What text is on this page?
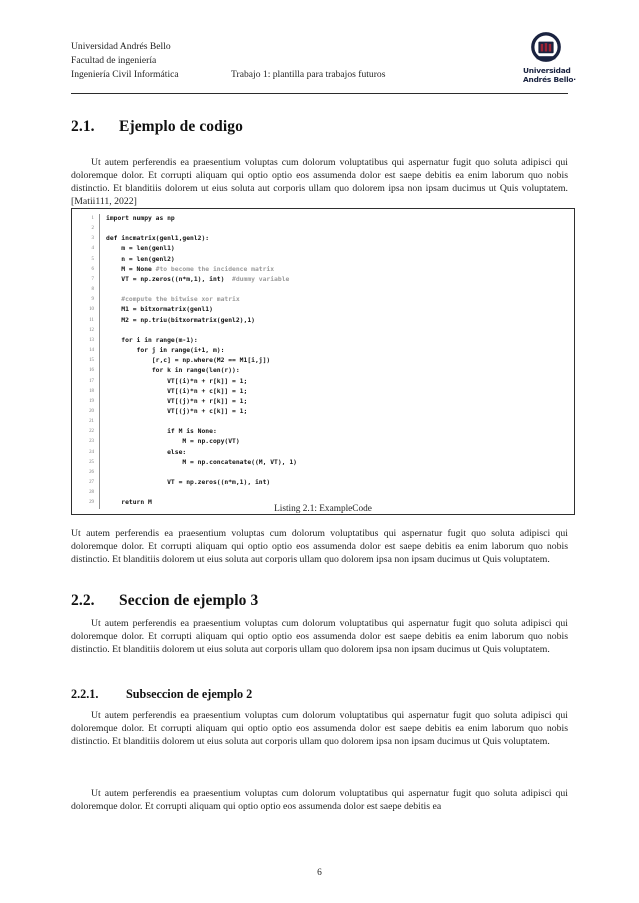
Universidad Andrés Bello
Facultad de ingeniería
Ingeniería Civil Informática	Trabajo 1: plantilla para trabajos futuros	Universidad
Andrés Bello·
2.1. Ejemplo de codigo

Ut autem perferendis ea praesentium voluptas cum dolorum voluptatibus qui aspernatur fugit quo soluta adipisci qui doloremque dolor. Et corrupti aliquam qui optio optio eos assumenda dolor est saepe debitis ea enim laborum quo nobis distinctio. Et blanditiis dolorem ut eius soluta aut corporis ullam quo dolorem ipsa non ipsam ducimus ut Quis voluptatem.[Matii111, 2022]

1	import numpy as np
2	
3	def incmatrix(genl1,genl2):
4	m = len(genl1)
5	n = len(genl2)
6	M = None #to become the incidence matrix
7	VT = np.zeros((n*m,1), int)  #dummy variable
8	
9	#compute the bitwise xor matrix
10	M1 = bitxormatrix(genl1)
11	M2 = np.triu(bitxormatrix(genl2),1)
12	
13	for i in range(m-1):
14	for j in range(i+1, m):
15	[r,c] = np.where(M2 == M1[i,j])
16	for k in range(len(r)):
17	VT[(i)*n + r[k]] = 1;
18	VT[(i)*n + c[k]] = 1;
19	VT[(j)*n + r[k]] = 1;
20	VT[(j)*n + c[k]] = 1;
21	
22	if M is None:
23	M = np.copy(VT)
24	else:
25	M = np.concatenate((M, VT), 1)
26	
27	VT = np.zeros((n*m,1), int)
28	
29	return M
Listing 2.1: ExampleCode

Ut autem perferendis ea praesentium voluptas cum dolorum voluptatibus qui aspernatur fugit quo soluta adipisci qui doloremque dolor. Et corrupti aliquam qui optio optio eos assumenda dolor est saepe debitis ea enim laborum quo nobis distinctio. Et blanditiis dolorem ut eius soluta aut corporis ullam quo dolorem ipsa non ipsam ducimus ut Quis voluptatem.

2.2. Seccion de ejemplo 3

Ut autem perferendis ea praesentium voluptas cum dolorum voluptatibus qui aspernatur fugit quo soluta adipisci qui doloremque dolor. Et corrupti aliquam qui optio optio eos assumenda dolor est saepe debitis ea enim laborum quo nobis distinctio. Et blanditiis dolorem ut eius soluta aut corporis ullam quo dolorem ipsa non ipsam ducimus ut Quis voluptatem.

2.2.1. Subseccion de ejemplo 2

Ut autem perferendis ea praesentium voluptas cum dolorum voluptatibus qui aspernatur fugit quo soluta adipisci qui doloremque dolor. Et corrupti aliquam qui optio optio eos assumenda dolor est saepe debitis ea enim laborum quo nobis distinctio. Et blanditiis dolorem ut eius soluta aut corporis ullam quo dolorem ipsa non ipsam ducimus ut Quis voluptatem.

Ut autem perferendis ea praesentium voluptas cum dolorum voluptatibus qui aspernatur fugit quo soluta adipisci qui doloremque dolor. Et corrupti aliquam qui optio optio eos assumenda dolor est saepe debitis ea

6
